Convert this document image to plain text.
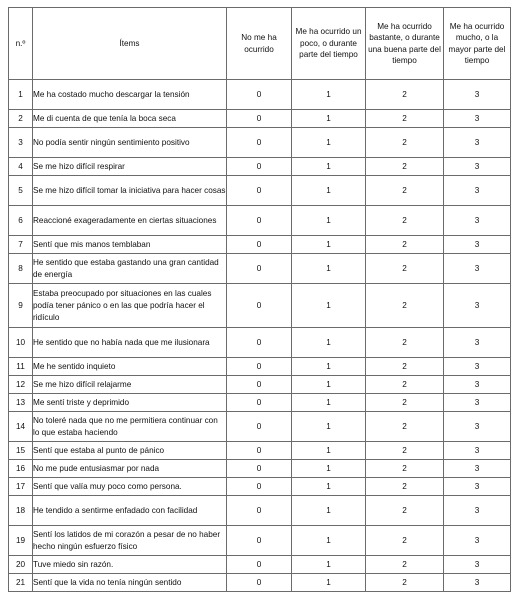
n.º	Ítems	No me ha ocurrido	Me ha ocurrido un poco, o durante parte del tiempo	Me ha ocurrido bastante, o durante una buena parte del tiempo	Me ha ocurrido mucho, o la mayor parte del tiempo
1	Me ha costado mucho descargar la tensión	0	1	2	3
2	Me di cuenta de que tenía la boca seca	0	1	2	3
3	No podía sentir ningún sentimiento positivo	0	1	2	3
4	Se me hizo difícil respirar	0	1	2	3
5	Se me hizo difícil tomar la iniciativa para hacer cosas	0	1	2	3
6	Reaccioné exageradamente en ciertas situaciones	0	1	2	3
7	Sentí que mis manos temblaban	0	1	2	3
8	He sentido que estaba gastando una gran cantidad de energía	0	1	2	3
9	Estaba preocupado por situaciones en las cuales podía tener pánico o en las que podría hacer el ridículo	0	1	2	3
10	He sentido que no había nada que me ilusionara	0	1	2	3
11	Me he sentido inquieto	0	1	2	3
12	Se me hizo difícil relajarme	0	1	2	3
13	Me sentí triste y deprimido	0	1	2	3
14	No toleré nada que no me permitiera continuar con lo que estaba haciendo	0	1	2	3
15	Sentí que estaba al punto de pánico	0	1	2	3
16	No me pude entusiasmar por nada	0	1	2	3
17	Sentí que valía muy poco como persona.	0	1	2	3
18	He tendido a sentirme enfadado con facilidad	0	1	2	3
19	Sentí los latidos de mi corazón a pesar de no haber hecho ningún esfuerzo físico	0	1	2	3
20	Tuve miedo sin razón.	0	1	2	3
21	Sentí que la vida no tenía ningún sentido	0	1	2	3
